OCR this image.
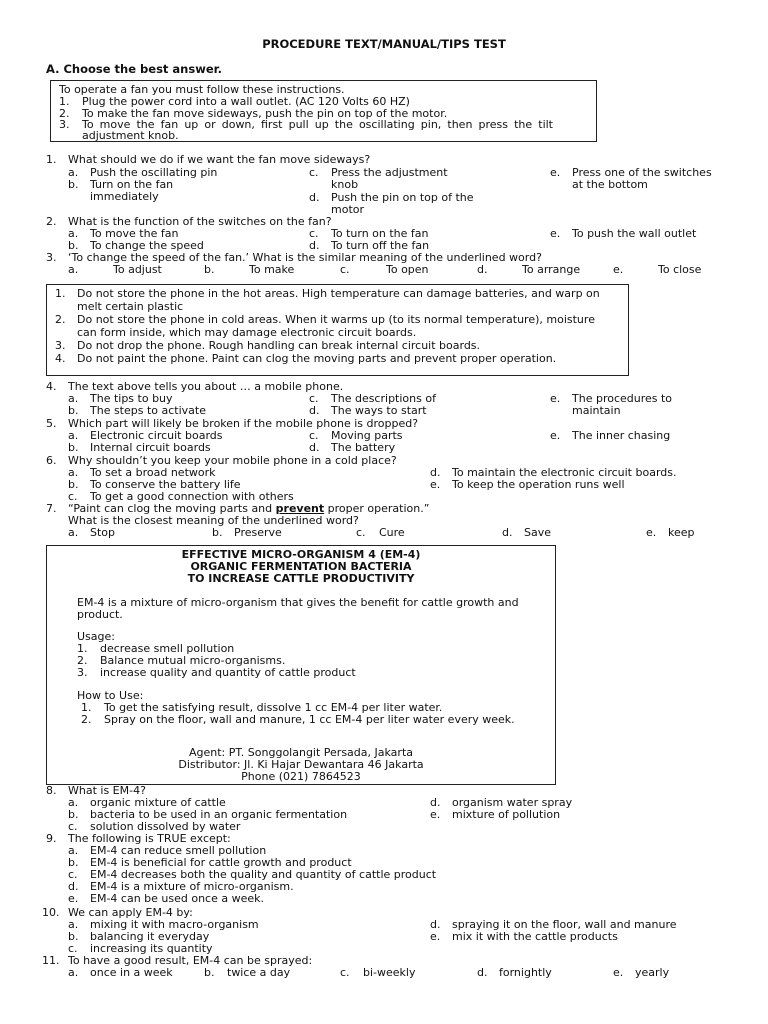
PROCEDURE TEXT/MANUAL/TIPS TEST
A. Choose the best answer.
To operate a fan you must follow these instructions.
1. Plug the power cord into a wall outlet. (AC 120 Volts 60 HZ)
2. To make the fan move sideways, push the pin on top of the motor.
3. To move the fan up or down, first pull up the oscillating pin, then press the tilt
adjustment knob.
1. What should we do if we want the fan move sideways?
a. Push the oscillating pin
b. Turn on the fan
immediately
c. Press the adjustment
knob
d. Push the pin on top of the
motor
e. Press one of the switches
at the bottom
2. What is the function of the switches on the fan?
a. To move the fan
b. To change the speed
c. To turn on the fan
d. To turn off the fan
e. To push the wall outlet
3. ‘To change the speed of the fan.’ What is the similar meaning of the underlined word?
a.	To adjust	b.	To make	c.	To open	d.	To arrange	e.	To close
1. Do not store the phone in the hot areas. High temperature can damage batteries, and warp on
melt certain plastic
2. Do not store the phone in cold areas. When it warms up (to its normal temperature), moisture
can form inside, which may damage electronic circuit boards.
3. Do not drop the phone. Rough handling can break internal circuit boards.
4. Do not paint the phone. Paint can clog the moving parts and prevent proper operation.
4. The text above tells you about … a mobile phone.
a. The tips to buy
b. The steps to activate
c. The descriptions of
d. The ways to start
e. The procedures to
maintain
5. Which part will likely be broken if the mobile phone is dropped?
a. Electronic circuit boards
b. Internal circuit boards
c. Moving parts
d. The battery
e. The inner chasing
6. Why shouldn’t you keep your mobile phone in a cold place?
a. To set a broad network
b. To conserve the battery life
c. To get a good connection with others
d. To maintain the electronic circuit boards.
e. To keep the operation runs well
7. “Paint can clog the moving parts and prevent proper operation.”
What is the closest meaning of the underlined word?
a. Stop	b. Preserve	c. Cure	d. Save	e. keep
EFFECTIVE MICRO-ORGANISM 4 (EM-4)
ORGANIC FERMENTATION BACTERIA
TO INCREASE CATTLE PRODUCTIVITY
EM-4 is a mixture of micro-organism that gives the benefit for cattle growth and
product.
Usage:
1. decrease smell pollution
2. Balance mutual micro-organisms.
3. increase quality and quantity of cattle product
How to Use:
1. To get the satisfying result, dissolve 1 cc EM-4 per liter water.
2. Spray on the floor, wall and manure, 1 cc EM-4 per liter water every week.
Agent: PT. Songgolangit Persada, Jakarta
Distributor: Jl. Ki Hajar Dewantara 46 Jakarta
Phone (021) 7864523
8. What is EM-4?
a. organic mixture of cattle
b. bacteria to be used in an organic fermentation
c. solution dissolved by water
d. organism water spray
e. mixture of pollution
9. The following is TRUE except:
a. EM-4 can reduce smell pollution
b. EM-4 is beneficial for cattle growth and product
c. EM-4 decreases both the quality and quantity of cattle product
d. EM-4 is a mixture of micro-organism.
e. EM-4 can be used once a week.
10. We can apply EM-4 by:
a. mixing it with macro-organism
b. balancing it everyday
c. increasing its quantity
d. spraying it on the floor, wall and manure
e. mix it with the cattle products
11. To have a good result, EM-4 can be sprayed:
a. once in a week	b. twice a day	c. bi-weekly	d. fornightly	e. yearly
